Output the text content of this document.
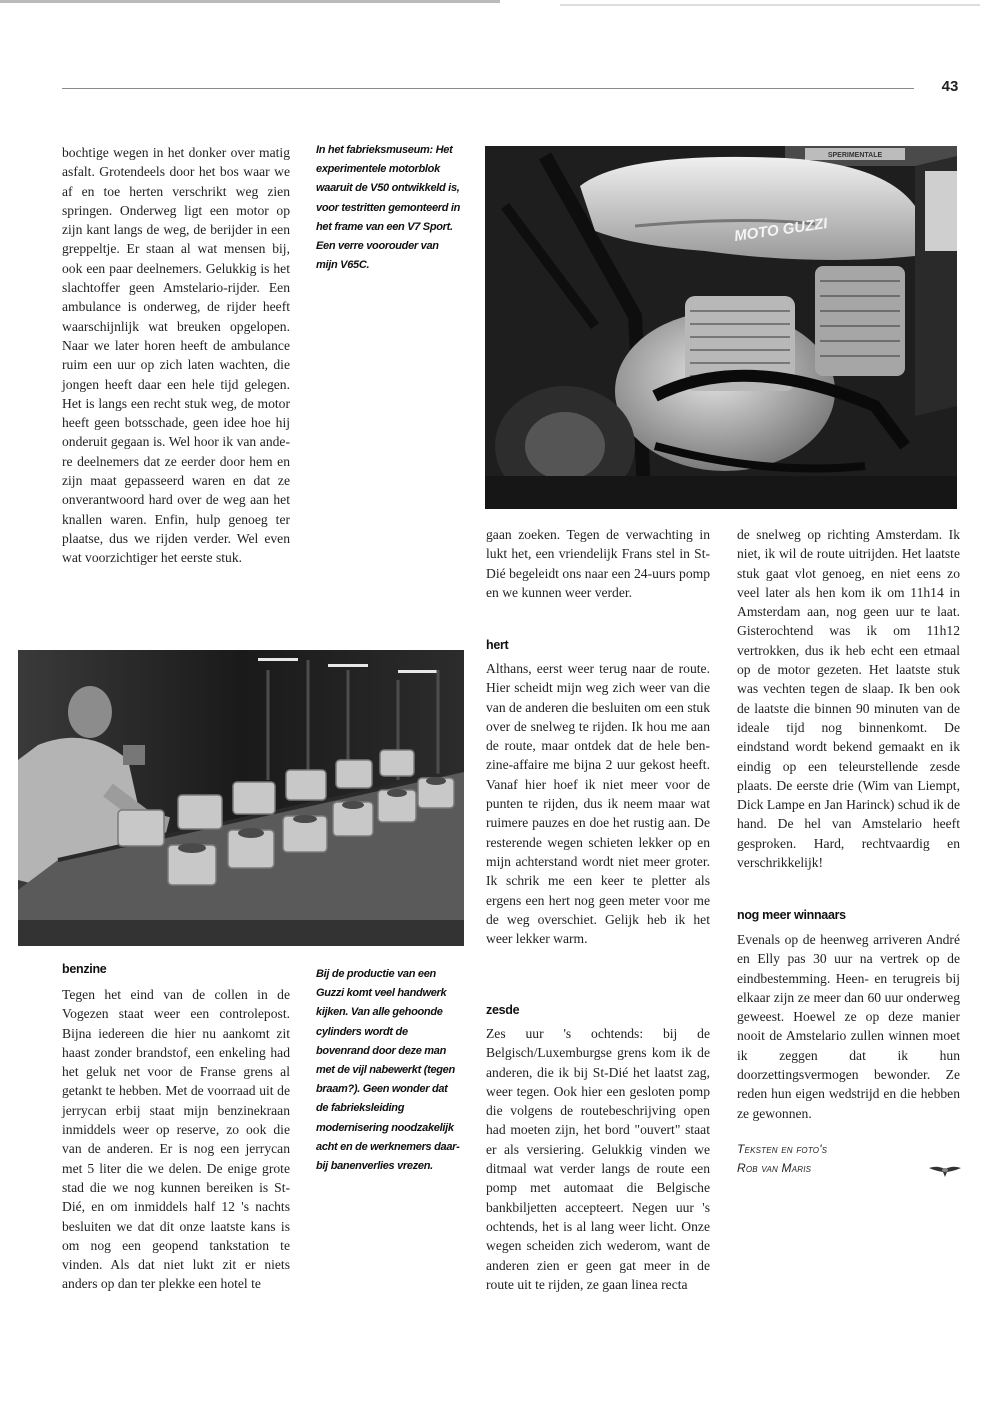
43

bochtige wegen in het donker over matig asfalt. Grotendeels door het bos waar we af en toe herten verschrikt weg zien springen. Onderweg ligt een motor op zijn kant langs de weg, de berijder in een greppeltje. Er staan al wat mensen bij, ook een paar deelnemers. Gelukkig is het slachtoffer geen Amstelario-rijder. Een ambulance is onderweg, de rijder heeft waarschijnlijk wat breuken opgelopen. Naar we later horen heeft de ambulance ruim een uur op zich laten wachten, die jongen heeft daar een hele tijd gelegen. Het is langs een recht stuk weg, de motor heeft geen botsschade, geen idee hoe hij onderuit gegaan is. Wel hoor ik van andere deelnemers dat ze eerder door hem en zijn maat gepasseerd waren en dat ze onverantwoord hard over de weg aan het knallen waren. Enfin, hulp genoeg ter plaatse, dus we rijden verder. Wel even wat voorzichtiger het eerste stuk.

In het fabrieksmuseum: Het experimentele motorblok waaruit de V50 ontwikkeld is, voor testritten gemonteerd in het frame van een V7 Sport. Een verre voorouder van mijn V65C.
SPERIMENTALE
MOTO GUZZI
benzine

Tegen het eind van de collen in de Vogezen staat weer een controlepost. Bijna iedereen die hier nu aankomt zit haast zonder brandstof, een enkeling had het geluk net voor de Franse grens al getankt te hebben. Met de voorraad uit de jerrycan erbij staat mijn benzinekraan inmiddels weer op reserve, zo ook die van de anderen. Er is nog een jerrycan met 5 liter die we delen. De enige grote stad die we nog kunnen bereiken is St-Dié, en om inmiddels half 12 's nachts besluiten we dat dit onze laatste kans is om nog een geopend tankstation te vinden. Als dat niet lukt zit er niets anders op dan ter plekke een hotel te

Bij de productie van een Guzzi komt veel handwerk kijken. Van alle gehoonde cylinders wordt de bovenrand door deze man met de vijl nabewerkt (tegen braam?). Geen wonder dat de fabrieksleiding modernisering noodzakelijk acht en de werknemers daarbij banenverlies vrezen.

gaan zoeken. Tegen de verwachting in lukt het, een vriendelijk Frans stel in St-Dié begeleidt ons naar een 24-uurs pomp en we kunnen weer verder.

hert

Althans, eerst weer terug naar de route. Hier scheidt mijn weg zich weer van die van de anderen die besluiten om een stuk over de snelweg te rijden. Ik hou me aan de route, maar ontdek dat de hele benzine-affaire me bijna 2 uur gekost heeft. Vanaf hier hoef ik niet meer voor de punten te rijden, dus ik neem maar wat ruimere pauzes en doe het rustig aan. De resterende wegen schieten lekker op en mijn achterstand wordt niet meer groter. Ik schrik me een keer te pletter als ergens een hert nog geen meter voor me de weg overschiet. Gelijk heb ik het weer lekker warm.

zesde

Zes uur 's ochtends: bij de Belgisch/Luxemburgse grens kom ik de anderen, die ik bij St-Dié het laatst zag, weer tegen. Ook hier een gesloten pomp die volgens de routebeschrijving open had moeten zijn, het bord "ouvert" staat er als versiering. Gelukkig vinden we ditmaal wat verder langs de route een pomp met automaat die Belgische bankbiljetten accepteert. Negen uur 's ochtends, het is al lang weer licht. Onze wegen scheiden zich wederom, want de anderen zien er geen gat meer in de route uit te rijden, ze gaan linea recta

de snelweg op richting Amsterdam. Ik niet, ik wil de route uitrijden. Het laatste stuk gaat vlot genoeg, en niet eens zo veel later als hen kom ik om 11h14 in Amsterdam aan, nog geen uur te laat. Gisterochtend was ik om 11h12 vertrokken, dus ik heb echt een etmaal op de motor gezeten. Het laatste stuk was vechten tegen de slaap. Ik ben ook de laatste die binnen 90 minuten van de ideale tijd nog binnenkomt. De eindstand wordt bekend gemaakt en ik eindig op een teleurstellende zesde plaats. De eerste drie (Wim van Liempt, Dick Lampe en Jan Harinck) schud ik de hand. De hel van Amstelario heeft gesproken. Hard, rechtvaardig en verschrikkelijk!

nog meer winnaars

Evenals op de heenweg arriveren André en Elly pas 30 uur na vertrek op de eindbestemming. Heen- en terugreis bij elkaar zijn ze meer dan 60 uur onderweg geweest. Hoewel ze op deze manier nooit de Amstelario zullen winnen moet ik zeggen dat ik hun doorzettingsvermogen bewonder. Ze reden hun eigen wedstrijd en die hebben ze gewonnen.

Teksten en foto's
Rob van Maris
